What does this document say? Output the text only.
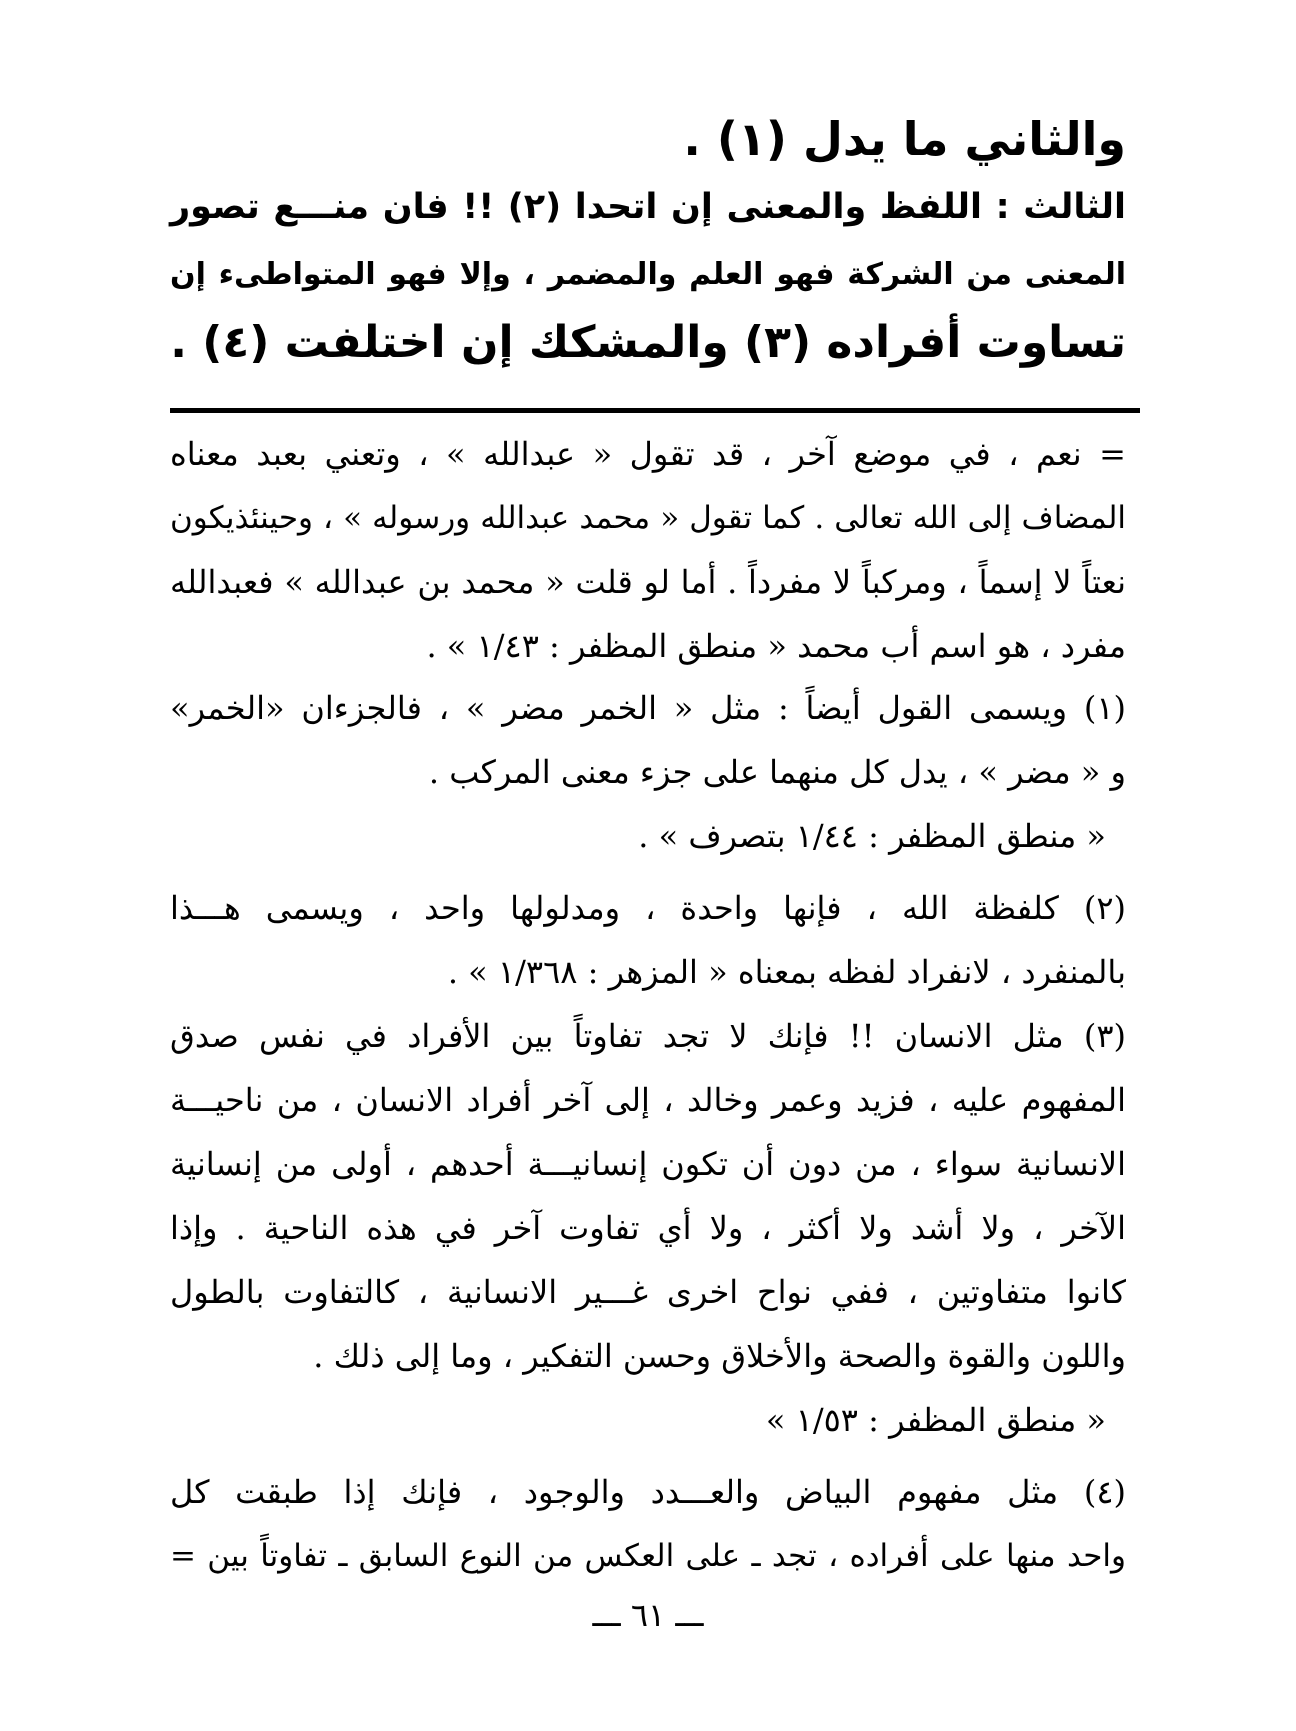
والثاني ما يدل (١) .
الثالث : اللفظ والمعنى إن اتحدا (٢) !! فان منـــع تصور
المعنى من الشركة فهو العلم والمضمر ، وإلا فهو المتواطىء إن
تساوت أفراده (٣) والمشكك إن اختلفت (٤) .
= نعم ، في موضع آخر ، قد تقول « عبدالله » ، وتعني بعبد معناه
المضاف إلى الله تعالى . كما تقول « محمد عبدالله ورسوله » ، وحينئذيكون
نعتاً لا إسماً ، ومركباً لا مفرداً . أما لو قلت « محمد بن عبدالله » فعبدالله
مفرد ، هو اسم أب محمد « منطق المظفر : ١/٤٣ » .
(١) ويسمى القول أيضاً : مثل « الخمر مضر » ، فالجزءان «الخمر»
و « مضر » ، يدل كل منهما على جزء معنى المركب .
« منطق المظفر : ١/٤٤ بتصرف » .
(٢) كلفظة الله ، فإنها واحدة ، ومدلولها واحد ، ويسمى هـــذا
بالمنفرد ، لانفراد لفظه بمعناه « المزهر : ١/٣٦٨ » .
(٣) مثل الانسان !! فإنك لا تجد تفاوتاً بين الأفراد في نفس صدق
المفهوم عليه ، فزيد وعمر وخالد ، إلى آخر أفراد الانسان ، من ناحيـــة
الانسانية سواء ، من دون أن تكون إنسانيـــة أحدهم ، أولى من إنسانية
الآخر ، ولا أشد ولا أكثر ، ولا أي تفاوت آخر في هذه الناحية . وإذا
كانوا متفاوتين ، ففي نواح اخرى غـــير الانسانية ، كالتفاوت بالطول
واللون والقوة والصحة والأخلاق وحسن التفكير ، وما إلى ذلك .
« منطق المظفر : ١/٥٣ »
(٤) مثل مفهوم البياض والعـــدد والوجود ، فإنك إذا طبقت كل
واحد منها على أفراده ، تجد ـ على العكس من النوع السابق ـ تفاوتاً بين =
ـــ ٦١ ـــ
